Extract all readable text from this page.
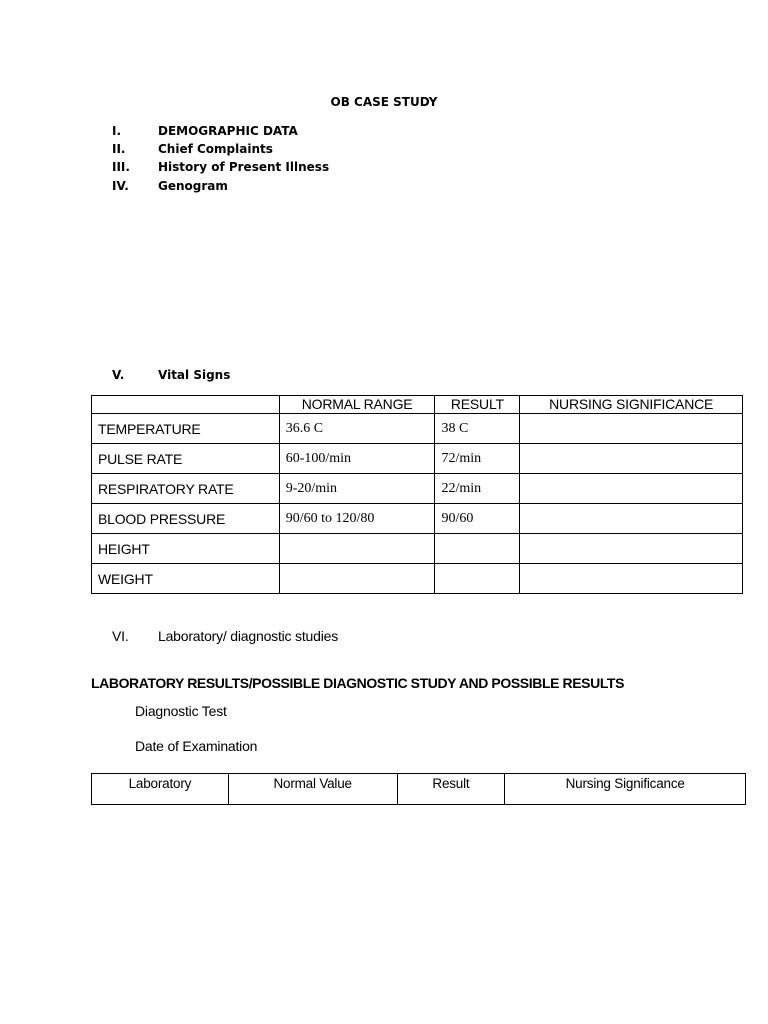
OB CASE STUDY
I.	DEMOGRAPHIC DATA
II.	Chief Complaints
III. History of Present Illness
IV. Genogram
V.	Vital Signs
	NORMAL RANGE	RESULT	NURSING SIGNIFICANCE
TEMPERATURE	36.6 C	38 C	
PULSE RATE	60-100/min	72/min	
RESPIRATORY RATE	9-20/min	22/min	
BLOOD PRESSURE	90/60 to 120/80	90/60	
HEIGHT			
WEIGHT			
VI. Laboratory/ diagnostic studies
LABORATORY RESULTS/POSSIBLE DIAGNOSTIC STUDY AND POSSIBLE RESULTS
Diagnostic Test
Date of Examination
Laboratory	Normal Value	Result	Nursing Significance
